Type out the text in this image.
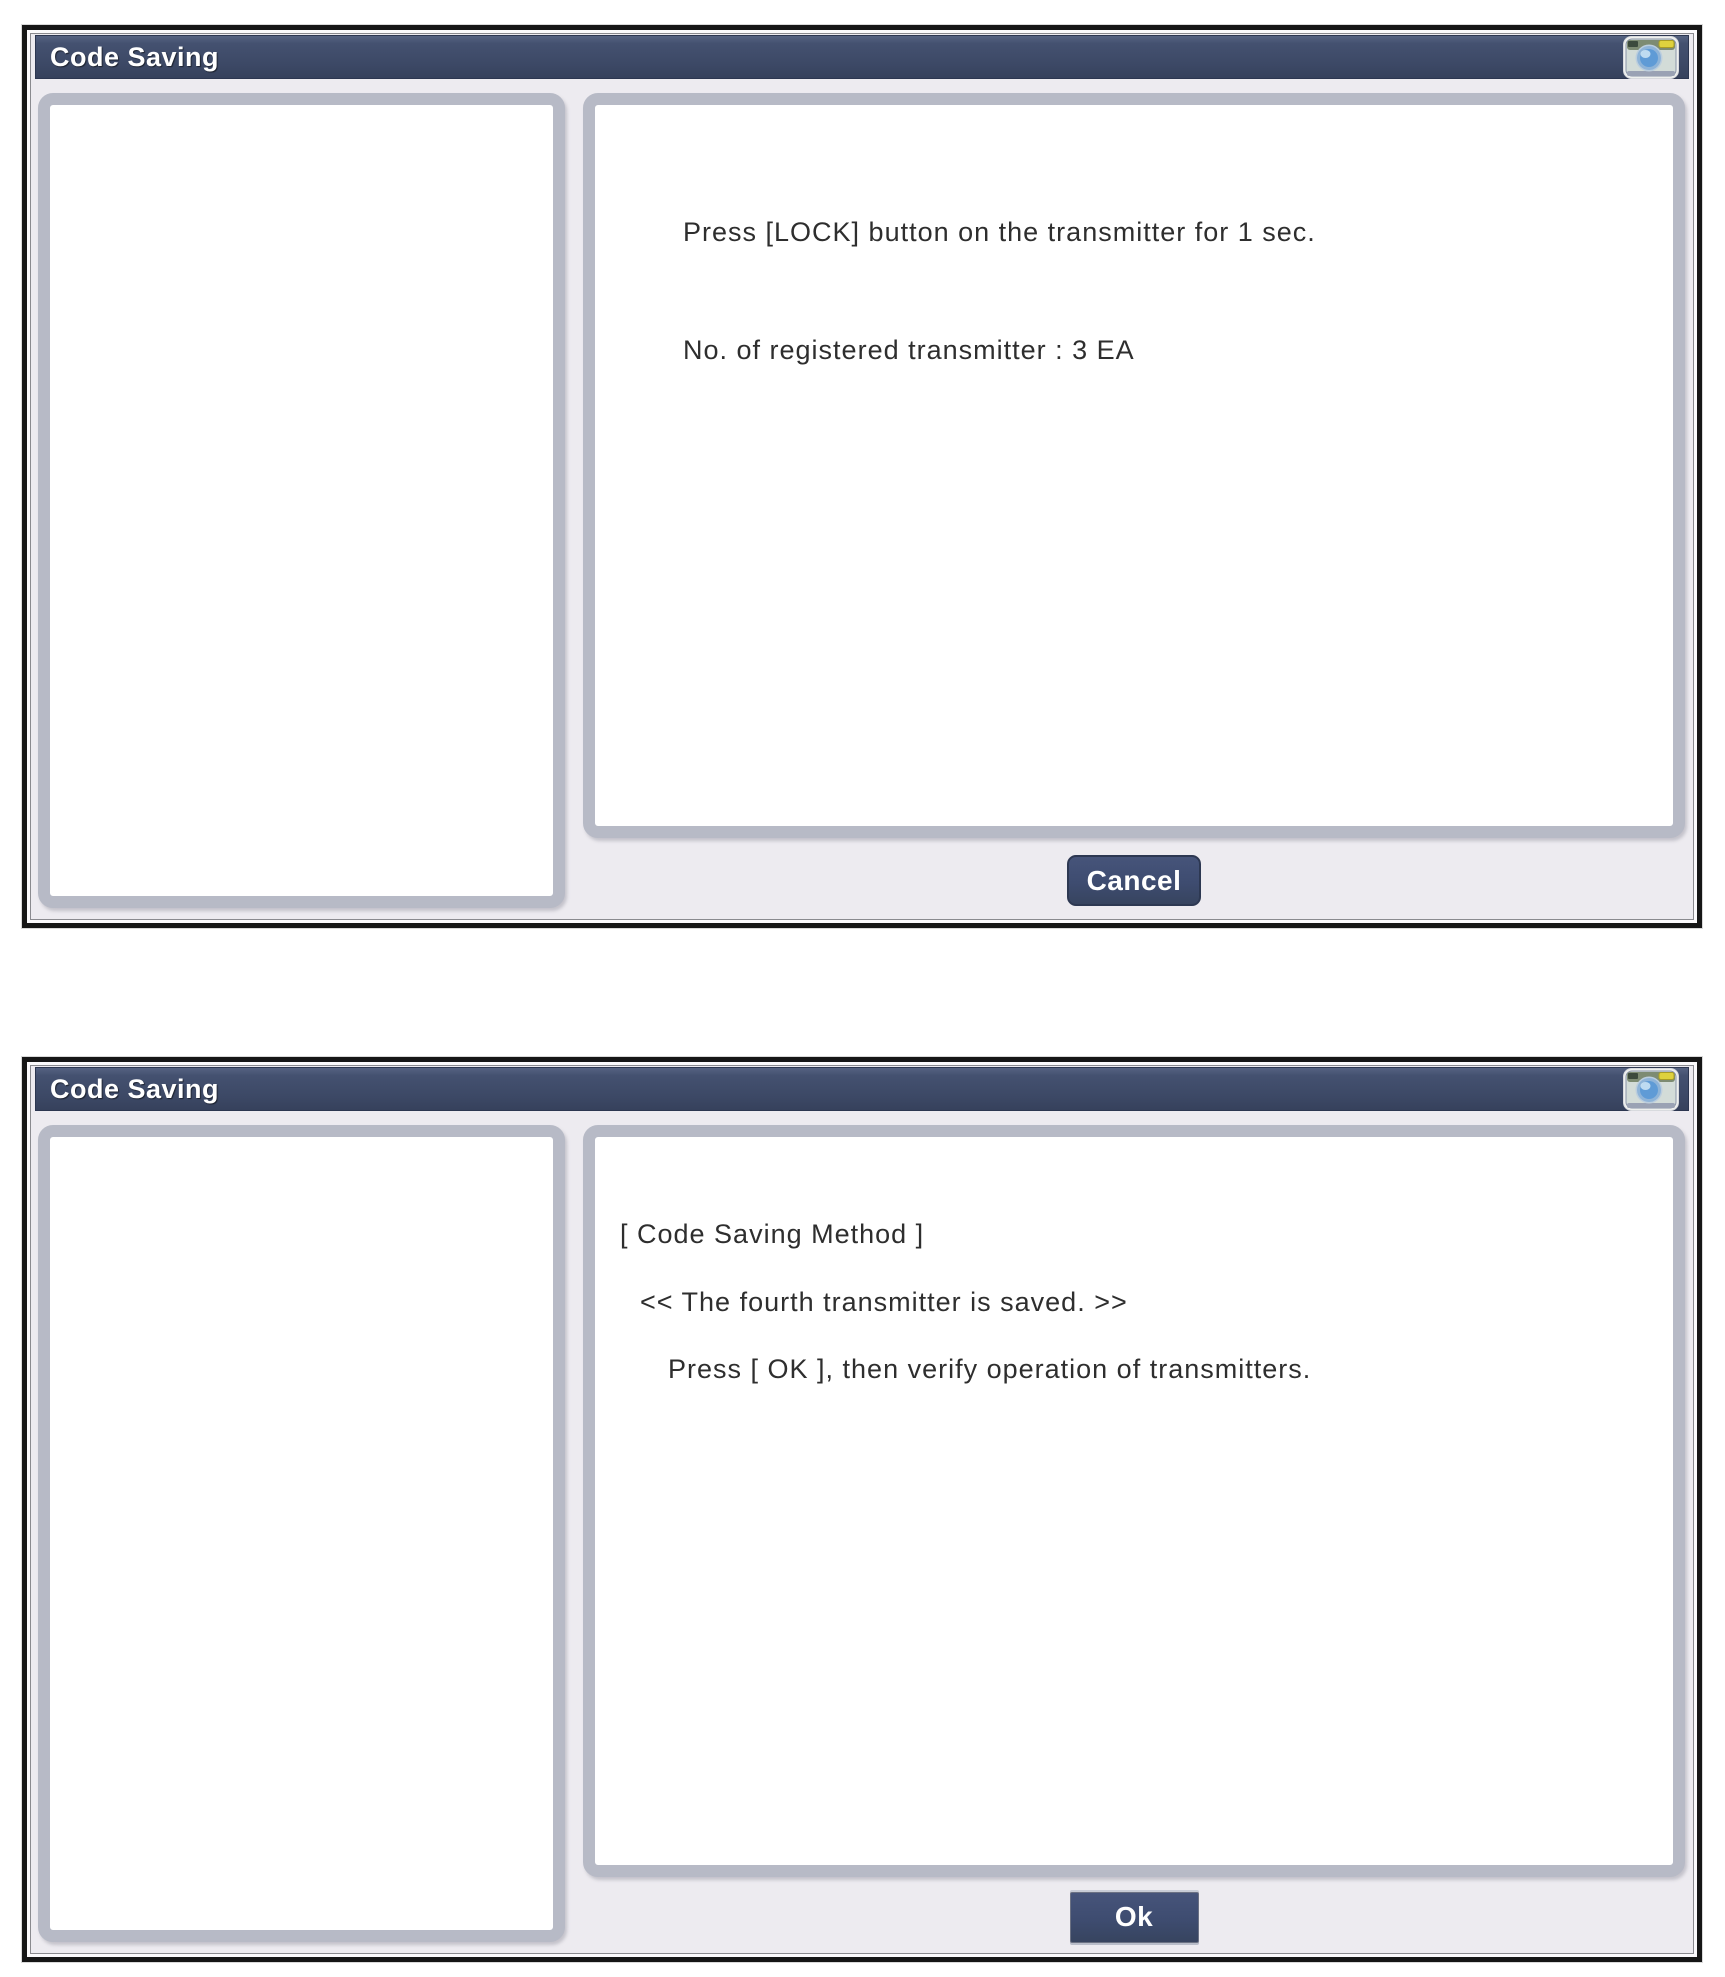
Code Saving
Press [LOCK] button on the transmitter for 1 sec.
No. of registered transmitter : 3 EA
Cancel
Code Saving
[ Code Saving Method ]
<< The fourth transmitter is saved. >>
Press [ OK ], then verify operation of transmitters.
Ok
